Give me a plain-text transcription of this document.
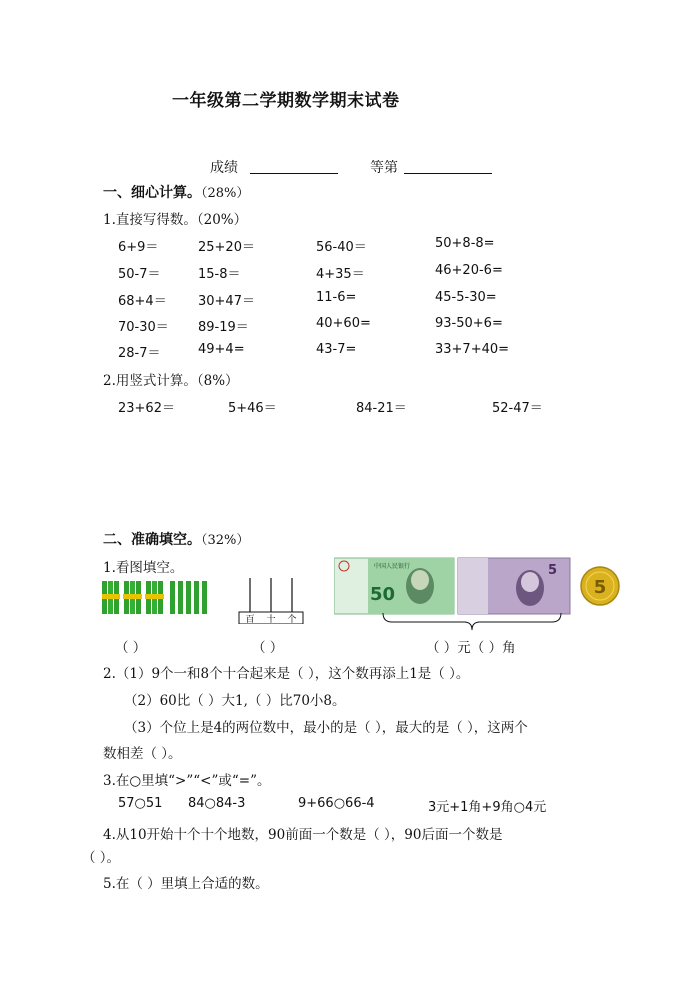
一年级第二学期数学期末试卷
成绩	等第
一、细心计算。（28%）
1.直接写得数。（20%）
6+9＝	25+20＝	56-40＝	50+8-8=
50-7＝	15-8＝	4+35＝	46+20-6=
68+4＝ 30+47＝	11-6=	45-5-30=
70-30＝ 89-19＝	40+60=	93-50+6=
28-7＝	49+4=	43-7=	33+7+40=
2.用竖式计算。（8%）
23+62＝	5+46＝	84-21＝	52-47＝
二、准确填空。（32%）
1.看图填空。
百 十 个
50
中国人民银行	5
5
（ ）	（ ）	（ ）元（ ）角
2.（1）9个一和8个十合起来是（ ），这个数再添上1是（ ）。
（2）60比（ ）大1,（ ）比70小8。
（3）个位上是4的两位数中，最小的是（ ），最大的是（ ），这两个
数相差（ ）。
3.在○里填“>”“<”或“=”。
57○51 84○84-3	9+66○66-4	3元+1角+9角○4元
4.从10开始十个十个地数，90前面一个数是（ ），90后面一个数是
（ ）。
5.在（ ）里填上合适的数。
